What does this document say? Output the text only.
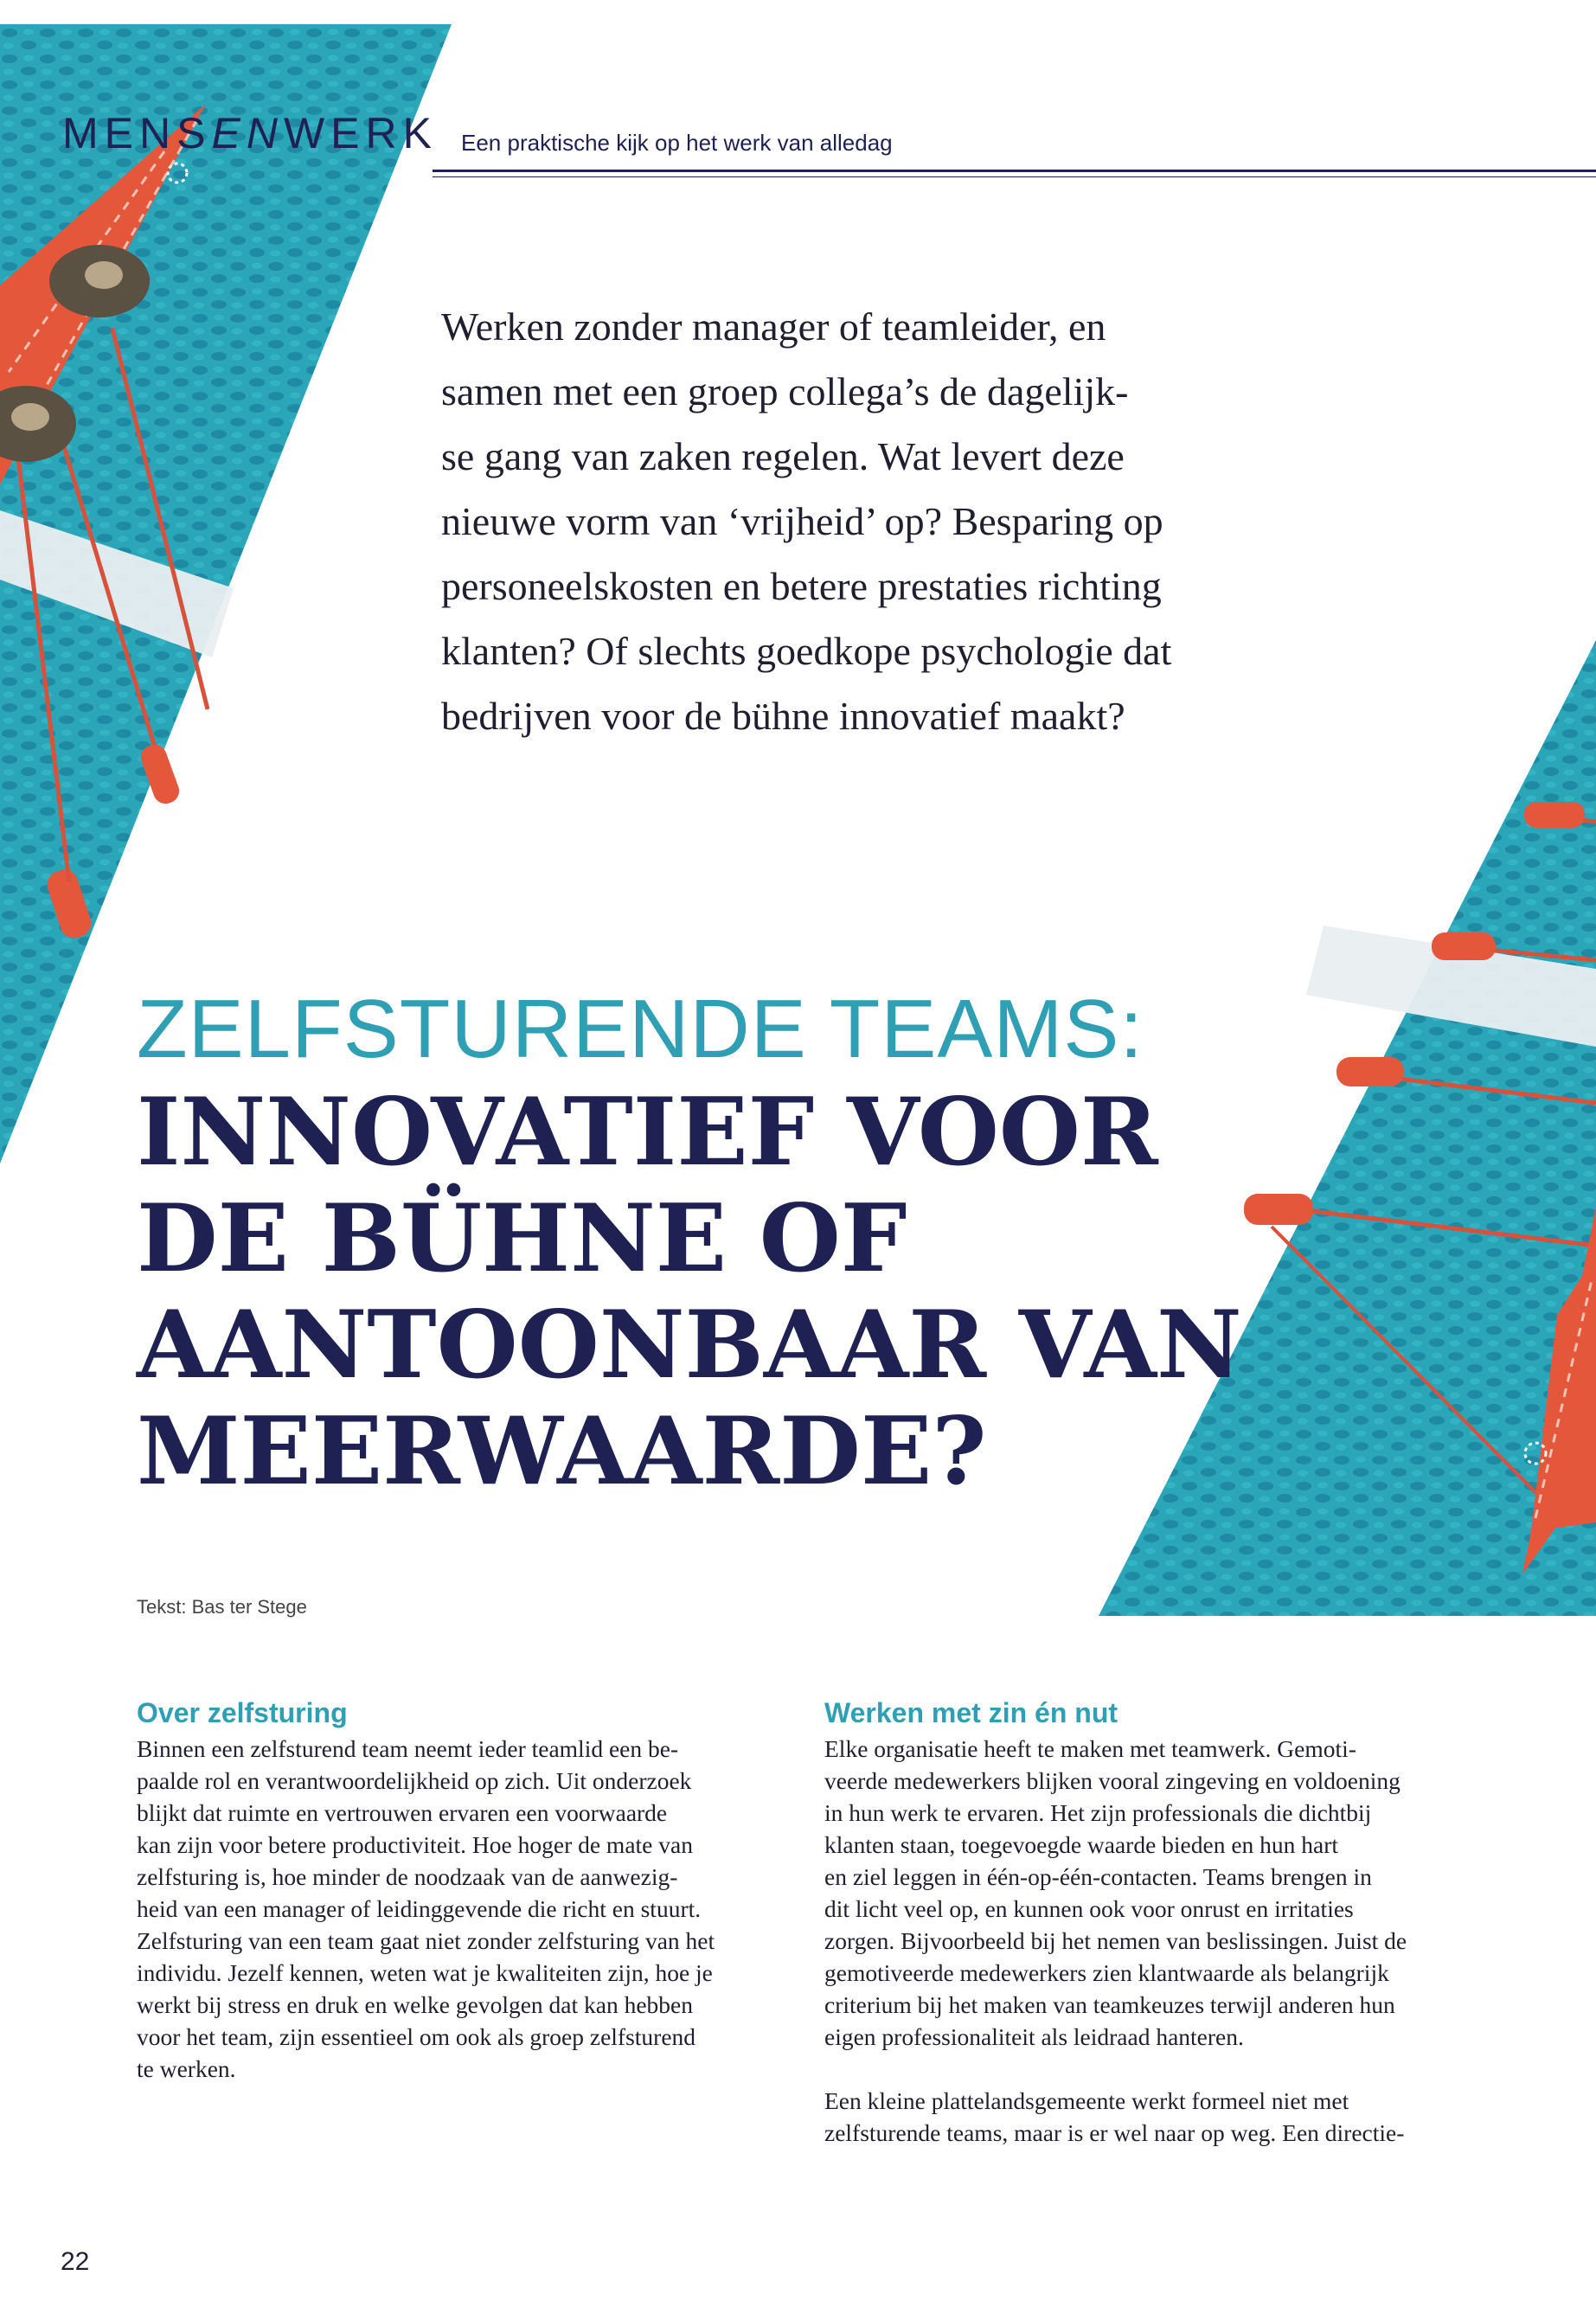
MENSENWERK Een praktische kijk op het werk van alledag
Werken zonder manager of teamleider, en
samen met een groep collega’s de dagelijk-
se gang van zaken regelen. Wat levert deze
nieuwe vorm van ‘vrijheid’ op? Besparing op
personeelskosten en betere prestaties richting
klanten? Of slechts goedkope psychologie dat
bedrijven voor de bühne innovatief maakt?
ZELFSTURENDE TEAMS:
INNOVATIEF VOOR
DE BÜHNE OF
AANTOONBAAR VAN
MEERWAARDE?
Tekst: Bas ter Stege
Over zelfsturing
Binnen een zelfsturend team neemt ieder teamlid een be-
paalde rol en verantwoordelijkheid op zich. Uit onderzoek
blijkt dat ruimte en vertrouwen ervaren een voorwaarde
kan zijn voor betere productiviteit. Hoe hoger de mate van
zelfsturing is, hoe minder de noodzaak van de aanwezig-
heid van een manager of leidinggevende die richt en stuurt.
Zelfsturing van een team gaat niet zonder zelfsturing van het
individu. Jezelf kennen, weten wat je kwaliteiten zijn, hoe je
werkt bij stress en druk en welke gevolgen dat kan hebben
voor het team, zijn essentieel om ook als groep zelfsturend
te werken.
Werken met zin én nut
Elke organisatie heeft te maken met teamwerk. Gemoti-
veerde medewerkers blijken vooral zingeving en voldoening
in hun werk te ervaren. Het zijn professionals die dichtbij
klanten staan, toegevoegde waarde bieden en hun hart
en ziel leggen in één-op-één-contacten. Teams brengen in
dit licht veel op, en kunnen ook voor onrust en irritaties
zorgen. Bijvoorbeeld bij het nemen van beslissingen. Juist de
gemotiveerde medewerkers zien klantwaarde als belangrijk
criterium bij het maken van teamkeuzes terwijl anderen hun
eigen professionaliteit als leidraad hanteren.
Een kleine plattelandsgemeente werkt formeel niet met
zelfsturende teams, maar is er wel naar op weg. Een directie-
22
